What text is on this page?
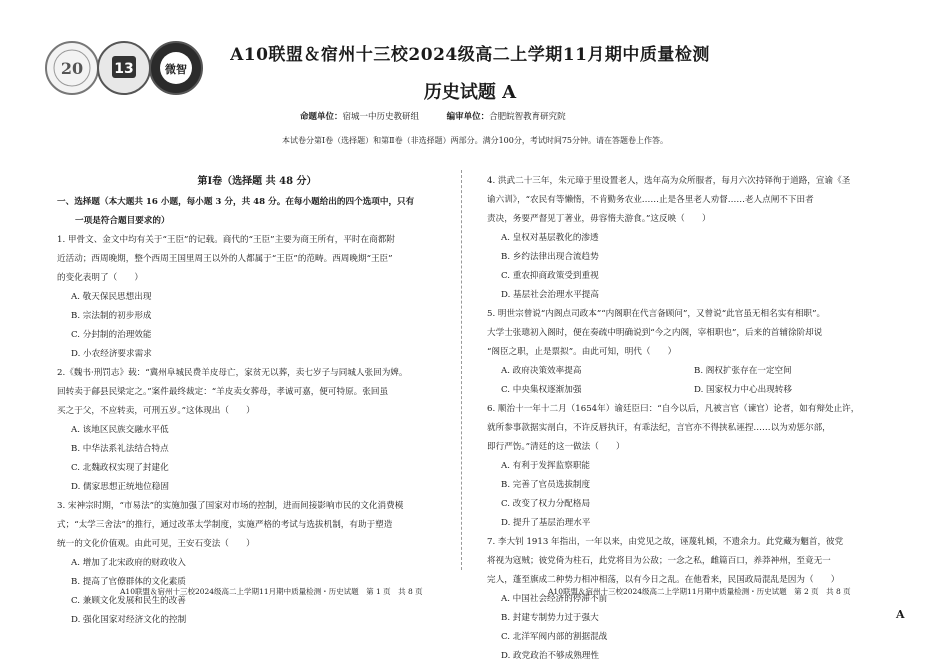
20 13	微智
A10联盟＆宿州十三校2024级高二上学期11月期中质量检测
历史试题 A
命题单位：宿城一中历史教研组	编审单位：合肥皖智教育研究院
本试卷分第Ⅰ卷（选择题）和第Ⅱ卷（非选择题）两部分。满分100分，考试时间75分钟。请在答题卷上作答。
第Ⅰ卷（选择题 共 48 分）
一、选择题（本大题共 16 小题，每小题 3 分，共 48 分。在每小题给出的四个选项中，只有
一项是符合题目要求的）
1. 甲骨文、金文中均有关于“王臣”的记载。商代的“王臣”主要为商王所有，平时在商都附
近活动；西周晚期，整个西周王国里周王以外的人都属于“王臣”的范畴。西周晚期“王臣”
的变化表明了（　　）
A. 敬天保民思想出现
B. 宗法制的初步形成
C. 分封制的治理效能
D. 小农经济要求需求
2.《魏书·刑罚志》载：“冀州阜城民费羊皮母亡，家贫无以葬，卖七岁子与同城人张回为婢。
回转卖于鄃县民梁定之。”案件最终裁定：“羊皮卖女葬母，孝诚可嘉，便可特原。张回虽
买之于父，不应转卖，可刑五岁。”这体现出（　　）
A. 该地区民族交融水平低
B. 中华法系礼法结合特点
C. 北魏政权实现了封建化
D. 儒家思想正统地位稳固
3. 宋神宗时期，“市易法”的实施加强了国家对市场的控制，进而间接影响市民的文化消费模
式；“太学三舍法”的推行，通过改革太学制度，实施严格的考试与选拔机制，有助于塑造
统一的文化价值观。由此可见，王安石变法（　　）
A. 增加了北宋政府的财政收入
B. 提高了官僚群体的文化素质
C. 兼顾文化发展和民生的改善
D. 强化国家对经济文化的控制
4. 洪武二十三年，朱元璋于里设置老人，选年高为众所服者，每月六次持铎徇于道路，宣谕《圣
谕六训》，“农民有等懒惰，不肯勤务农业……止是各里老人劝督……老人点闸不下田者
责决，务要严督见丁著业，毋容惰夫游食。”这反映（　　）
A. 皇权对基层教化的渗透
B. 乡约法律出现合流趋势
C. 重农抑商政策受到重视
D. 基层社会治理水平提高
5. 明世宗曾说“内阁点司政本”“内阁职在代言备顾问”，又曾说“此官虽无相名实有相职”。
大学士张璁初入阁时，便在奏疏中明确说到“今之内阁，宰相职也”，后来的首辅徐阶却说
“阁臣之职，止是票拟”。由此可知，明代（　　）
A. 政府决策效率提高	B. 阁权扩张存在一定空间
C. 中央集权逐渐加强	D. 国家权力中心出现转移
6. 顺治十一年十二月（1654年）谕廷臣曰：“自今以后，凡被言官（谏官）论者，如有辩处止许，
就所参事款据实剖白，不许反唇执讦，有乖法纪，言官亦不得挟私诬捏……以为劝惩尔部，
即行严饬。”清廷的这一做法（　　）
A. 有利于发挥监察职能
B. 完善了官员选拔制度
C. 改变了权力分配格局
D. 提升了基层治理水平
7. 李大钊 1913 年指出，一年以来，由党见之故，诬蔑轧倾，不遗余力。此党藏为魍首，彼党
将视为寇贼；彼党倚为柱石，此党将目为公敌；一念之私，雌篇百口，养莽神州，至竟无一
完人，蓬至旗成二种势力相冲相荡，以有今日之乱。在他看来，民国政局混乱是因为（　　）
A. 中国社会经济的停滞不前
B. 封建专制势力过于强大
C. 北洋军阀内部的割据混战
D. 政党政治不够成熟理性
A10联盟＆宿州十三校2024级高二上学期11月期中质量检测・历史试题　第 1 页　共 8 页	A10联盟＆宿州十三校2024级高二上学期11月期中质量检测・历史试题　第 2 页　共 8 页
A
